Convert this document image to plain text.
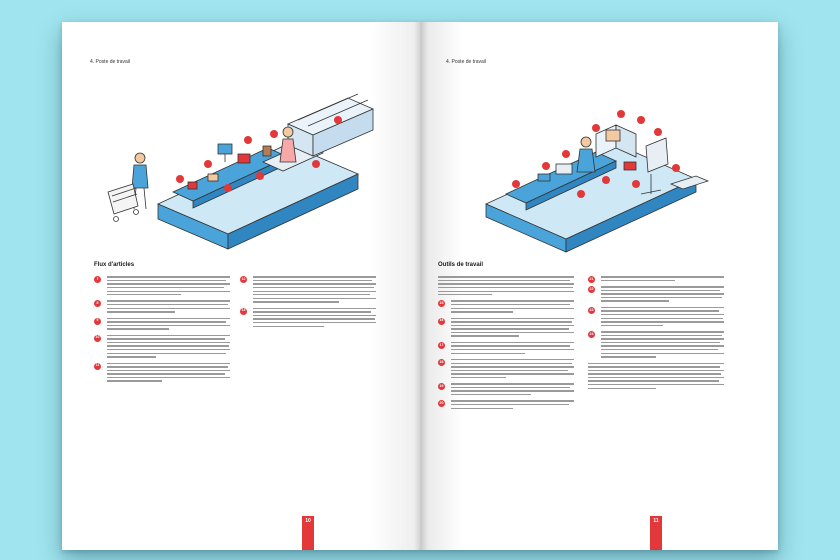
4. Poste de travail
Flux d'articles
7
8
9
10
11
12
13
10
4. Poste de travail
Outils de travail
15
16
17
18
19
20
21
22
23
24
11
